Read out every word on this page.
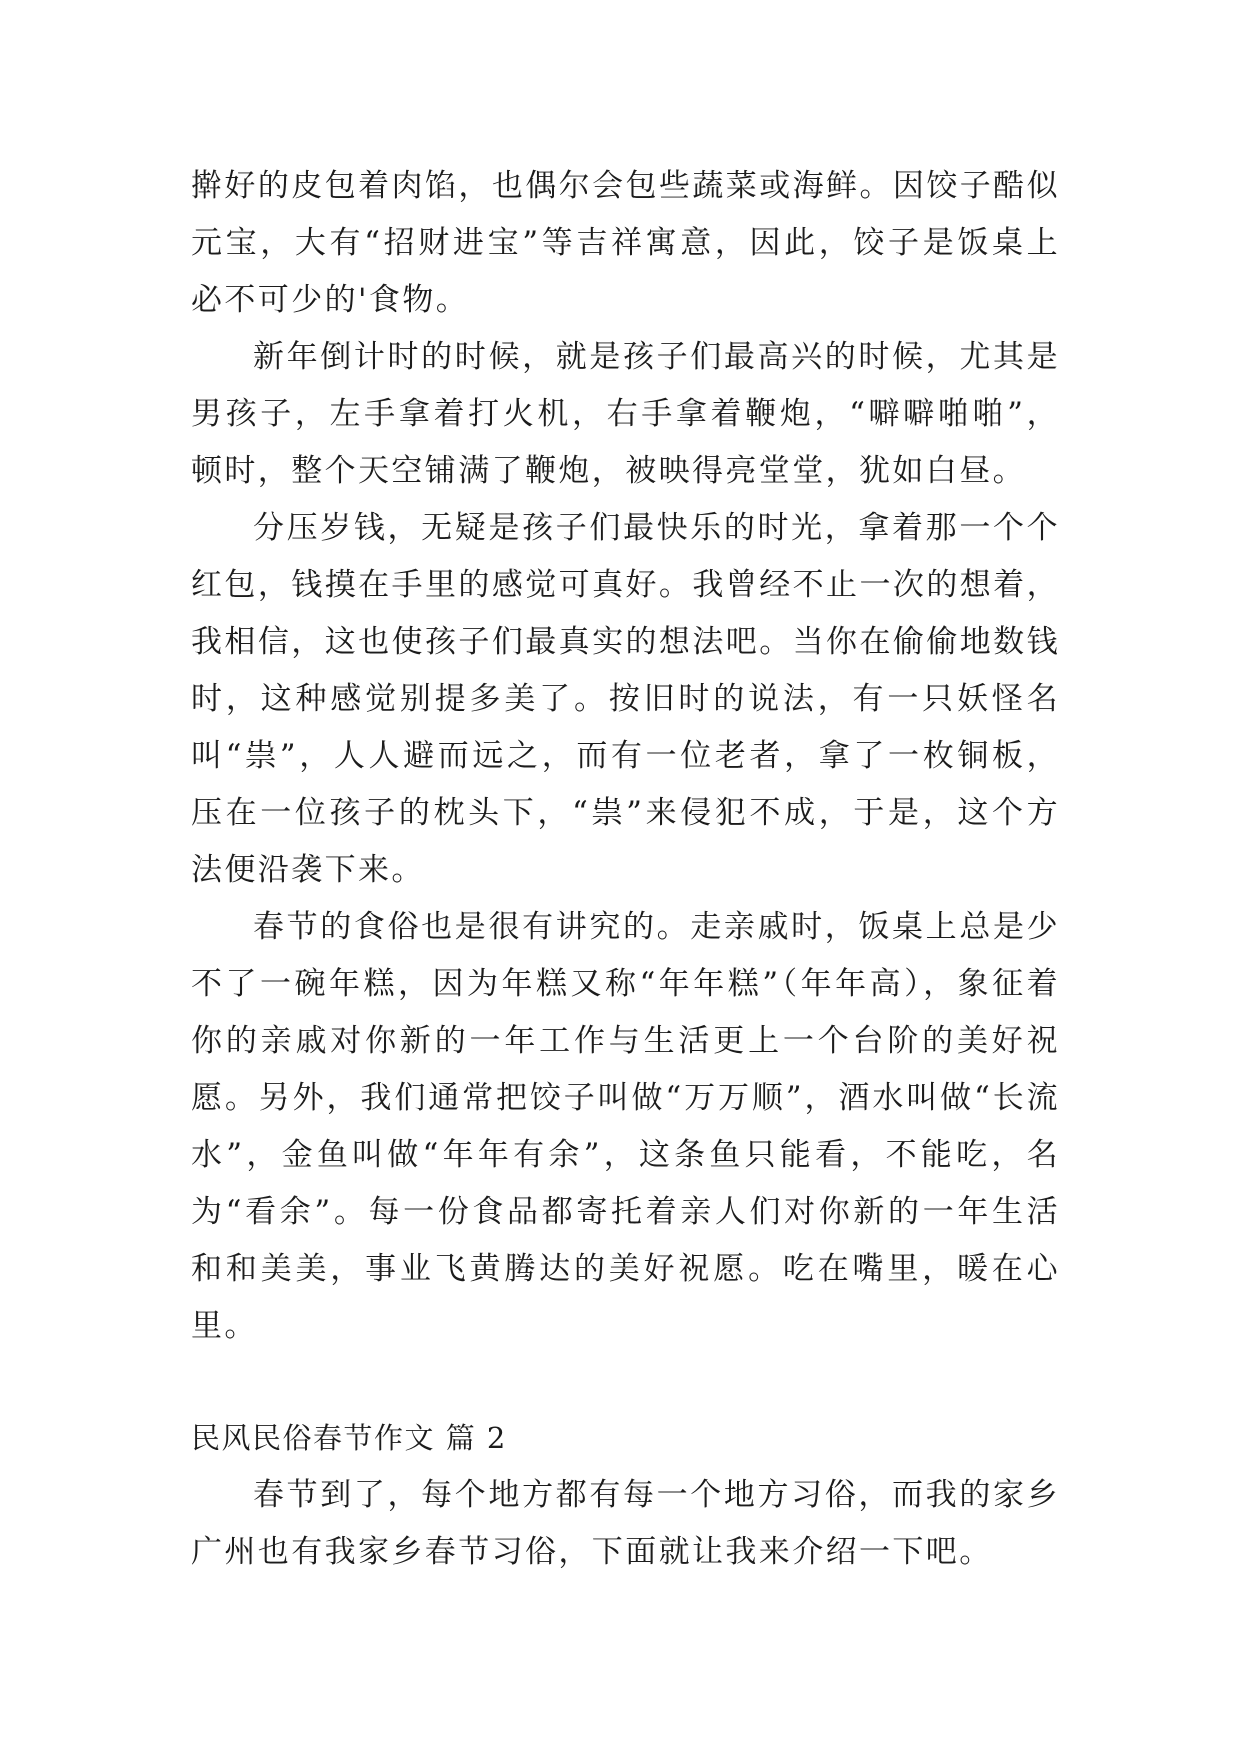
擀好的皮包着肉馅，也偶尔会包些蔬菜或海鲜。因饺子酷似元宝，大有“招财进宝”等吉祥寓意，因此，饺子是饭桌上必不可少的'食物。

新年倒计时的时候，就是孩子们最高兴的时候，尤其是男孩子，左手拿着打火机，右手拿着鞭炮，“噼噼啪啪”，顿时，整个天空铺满了鞭炮，被映得亮堂堂，犹如白昼。

分压岁钱，无疑是孩子们最快乐的时光，拿着那一个个红包，钱摸在手里的感觉可真好。我曾经不止一次的想着，我相信，这也使孩子们最真实的想法吧。当你在偷偷地数钱时，这种感觉别提多美了。按旧时的说法，有一只妖怪名叫“祟”，人人避而远之，而有一位老者，拿了一枚铜板，压在一位孩子的枕头下，“祟”来侵犯不成，于是，这个方法便沿袭下来。

春节的食俗也是很有讲究的。走亲戚时，饭桌上总是少不了一碗年糕，因为年糕又称“年年糕”（年年高），象征着你的亲戚对你新的一年工作与生活更上一个台阶的美好祝愿。另外，我们通常把饺子叫做“万万顺”，酒水叫做“长流水”，金鱼叫做“年年有余”，这条鱼只能看，不能吃，名为“看余”。每一份食品都寄托着亲人们对你新的一年生活和和美美，事业飞黄腾达的美好祝愿。吃在嘴里，暖在心里。

民风民俗春节作文 篇 2

春节到了，每个地方都有每一个地方习俗，而我的家乡广州也有我家乡春节习俗，下面就让我来介绍一下吧。
